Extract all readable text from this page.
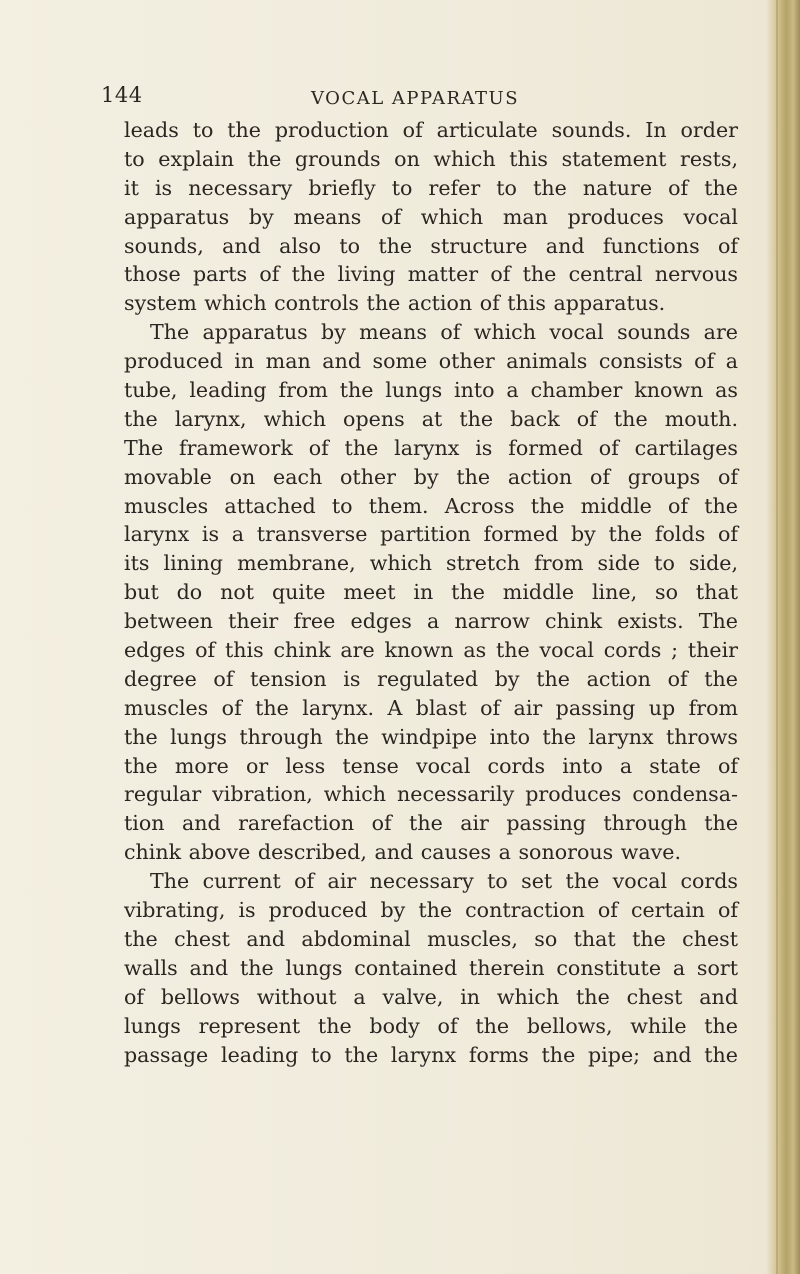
144	VOCAL APPARATUS
leads to the production of articulate sounds. In order
to explain the grounds on which this statement rests,
it is necessary briefly to refer to the nature of the
apparatus by means of which man produces vocal
sounds, and also to the structure and functions of
those parts of the living matter of the central nervous
system which controls the action of this apparatus.
The apparatus by means of which vocal sounds are
produced in man and some other animals consists of a
tube, leading from the lungs into a chamber known as
the larynx, which opens at the back of the mouth.
The framework of the larynx is formed of cartilages
movable on each other by the action of groups of
muscles attached to them. Across the middle of the
larynx is a transverse partition formed by the folds of
its lining membrane, which stretch from side to side,
but do not quite meet in the middle line, so that
between their free edges a narrow chink exists. The
edges of this chink are known as the vocal cords ; their
degree of tension is regulated by the action of the
muscles of the larynx. A blast of air passing up from
the lungs through the windpipe into the larynx throws
the more or less tense vocal cords into a state of
regular vibration, which necessarily produces condensa-
tion and rarefaction of the air passing through the
chink above described, and causes a sonorous wave.
The current of air necessary to set the vocal cords
vibrating, is produced by the contraction of certain of
the chest and abdominal muscles, so that the chest
walls and the lungs contained therein constitute a sort
of bellows without a valve, in which the chest and
lungs represent the body of the bellows, while the
passage leading to the larynx forms the pipe; and the
